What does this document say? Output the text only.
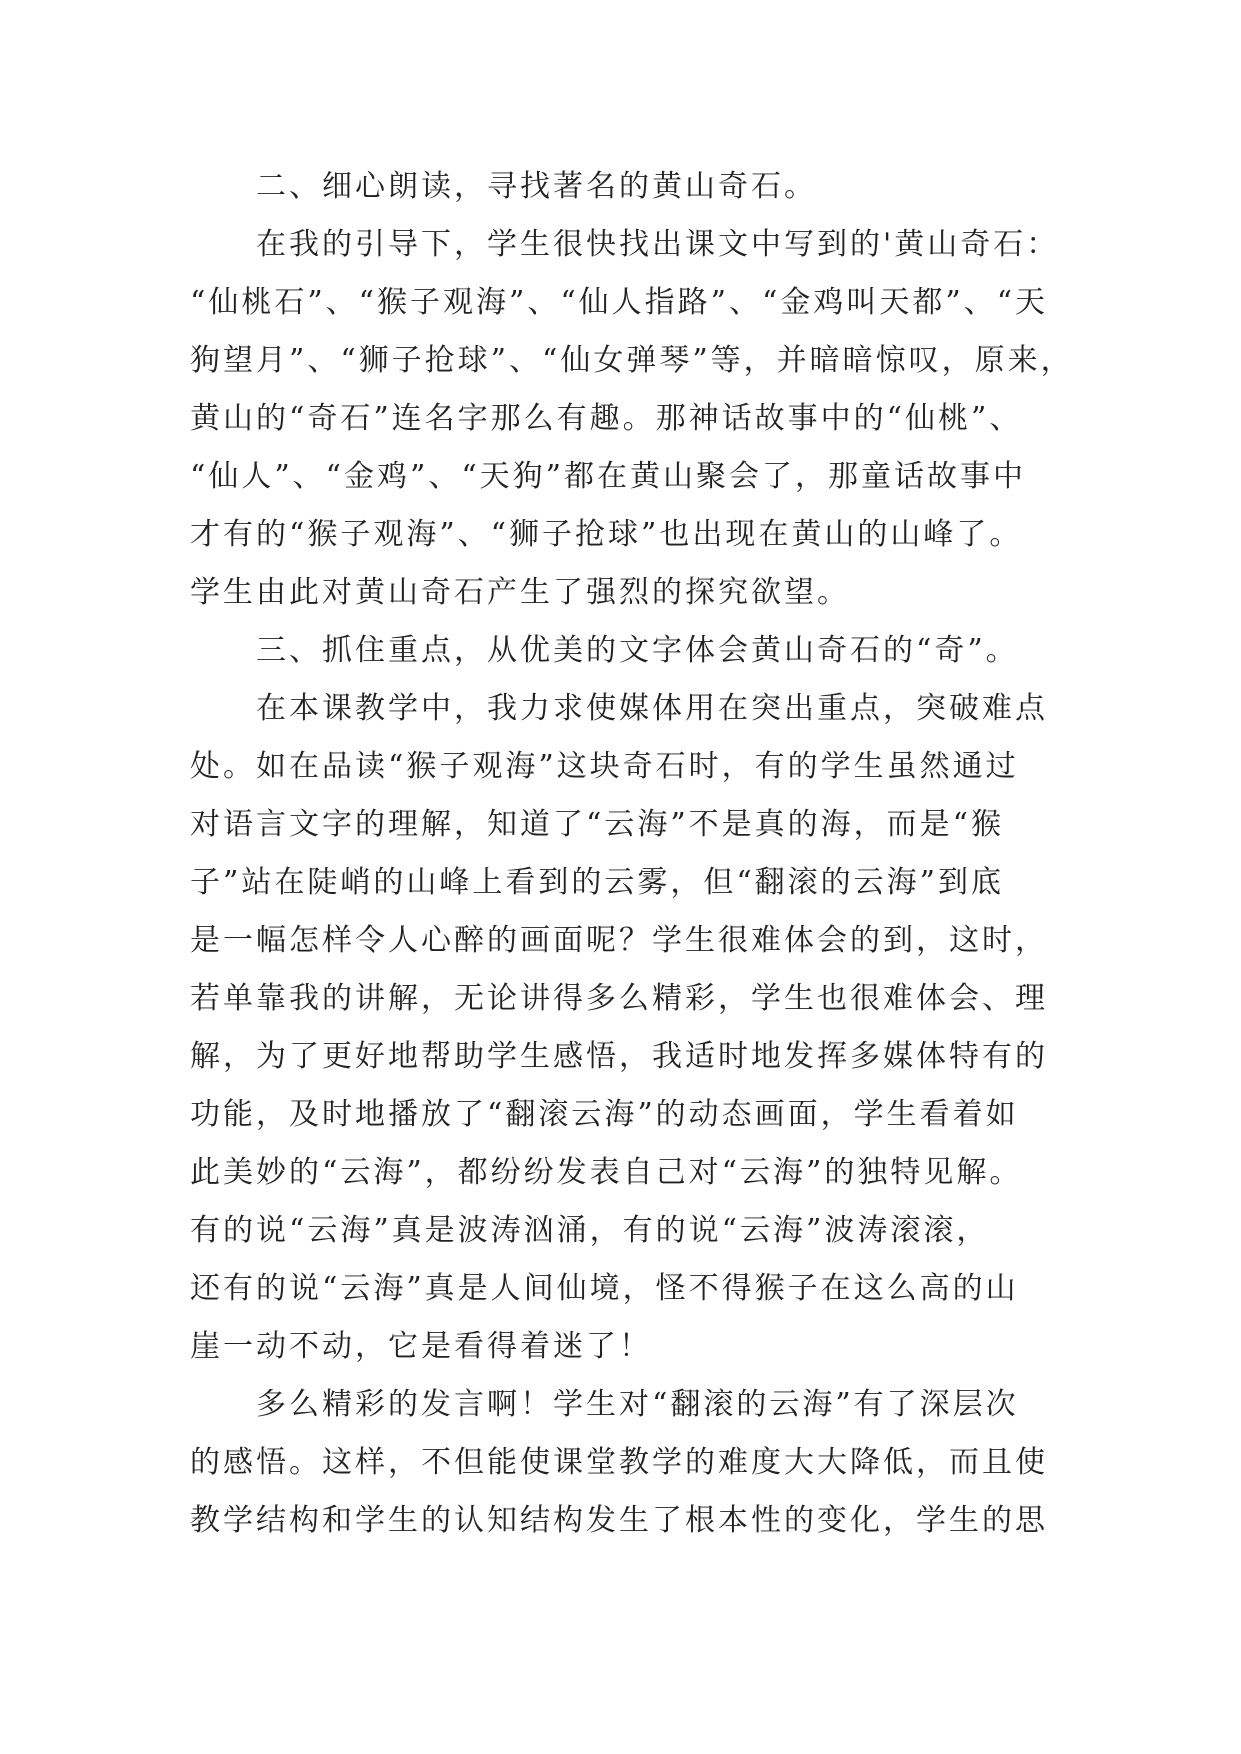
二、细心朗读，寻找著名的黄山奇石。
在我的引导下，学生很快找出课文中写到的'黄山奇石：
“仙桃石”、“猴子观海”、“仙人指路”、“金鸡叫天都”、“天
狗望月”、“狮子抢球”、“仙女弹琴”等，并暗暗惊叹，原来，
黄山的“奇石”连名字那么有趣。那神话故事中的“仙桃”、
“仙人”、“金鸡”、“天狗”都在黄山聚会了，那童话故事中
才有的“猴子观海”、“狮子抢球”也出现在黄山的山峰了。
学生由此对黄山奇石产生了强烈的探究欲望。
三、抓住重点，从优美的文字体会黄山奇石的“奇”。
在本课教学中，我力求使媒体用在突出重点，突破难点
处。如在品读“猴子观海”这块奇石时，有的学生虽然通过
对语言文字的理解，知道了“云海”不是真的海，而是“猴
子”站在陡峭的山峰上看到的云雾，但“翻滚的云海”到底
是一幅怎样令人心醉的画面呢？学生很难体会的到，这时，
若单靠我的讲解，无论讲得多么精彩，学生也很难体会、理
解，为了更好地帮助学生感悟，我适时地发挥多媒体特有的
功能，及时地播放了“翻滚云海”的动态画面，学生看着如
此美妙的“云海”，都纷纷发表自己对“云海”的独特见解。
有的说“云海”真是波涛汹涌，有的说“云海”波涛滚滚，
还有的说“云海”真是人间仙境，怪不得猴子在这么高的山
崖一动不动，它是看得着迷了！
多么精彩的发言啊！学生对“翻滚的云海”有了深层次
的感悟。这样，不但能使课堂教学的难度大大降低，而且使
教学结构和学生的认知结构发生了根本性的变化，学生的思
